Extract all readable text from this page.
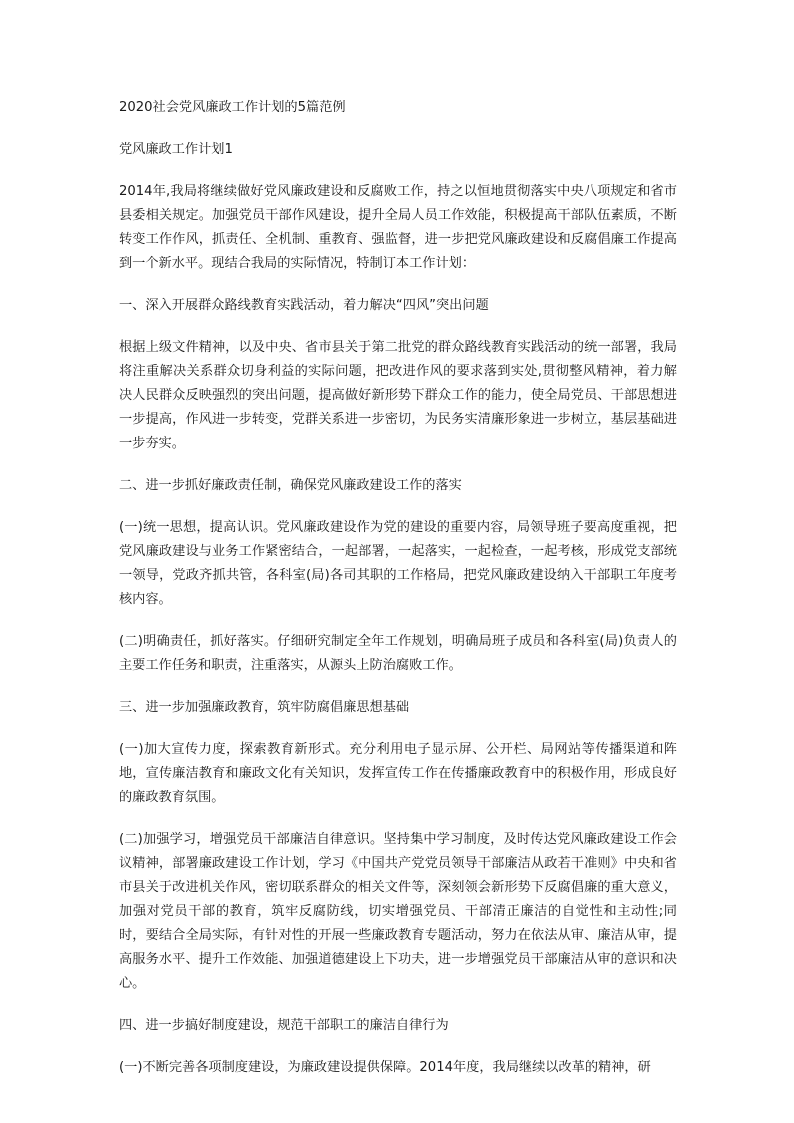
2020社会党风廉政工作计划的5篇范例
党风廉政工作计划1
2014年,我局将继续做好党风廉政建设和反腐败工作，持之以恒地贯彻落实中央八项规定和省市县委相关规定。加强党员干部作风建设，提升全局人员工作效能，积极提高干部队伍素质，不断转变工作作风，抓责任、全机制、重教育、强监督，进一步把党风廉政建设和反腐倡廉工作提高到一个新水平。现结合我局的实际情况，特制订本工作计划：
一、深入开展群众路线教育实践活动，着力解决“四风”突出问题
根据上级文件精神，以及中央、省市县关于第二批党的群众路线教育实践活动的统一部署，我局将注重解决关系群众切身利益的实际问题，把改进作风的要求落到实处,贯彻整风精神，着力解决人民群众反映强烈的突出问题，提高做好新形势下群众工作的能力，使全局党员、干部思想进一步提高，作风进一步转变，党群关系进一步密切，为民务实清廉形象进一步树立，基层基础进一步夯实。
二、进一步抓好廉政责任制，确保党风廉政建设工作的落实
(一)统一思想，提高认识。党风廉政建设作为党的建设的重要内容，局领导班子要高度重视，把党风廉政建设与业务工作紧密结合，一起部署，一起落实，一起检查，一起考核，形成党支部统一领导，党政齐抓共管，各科室(局)各司其职的工作格局，把党风廉政建设纳入干部职工年度考核内容。
(二)明确责任，抓好落实。仔细研究制定全年工作规划，明确局班子成员和各科室(局)负责人的主要工作任务和职责，注重落实，从源头上防治腐败工作。
三、进一步加强廉政教育，筑牢防腐倡廉思想基础
(一)加大宣传力度，探索教育新形式。充分利用电子显示屏、公开栏、局网站等传播渠道和阵地，宣传廉洁教育和廉政文化有关知识，发挥宣传工作在传播廉政教育中的积极作用，形成良好的廉政教育氛围。
(二)加强学习，增强党员干部廉洁自律意识。坚持集中学习制度，及时传达党风廉政建设工作会议精神，部署廉政建设工作计划，学习《中国共产党党员领导干部廉洁从政若干准则》中央和省市县关于改进机关作风，密切联系群众的相关文件等，深刻领会新形势下反腐倡廉的重大意义，加强对党员干部的教育，筑牢反腐防线，切实增强党员、干部清正廉洁的自觉性和主动性;同时，要结合全局实际，有针对性的开展一些廉政教育专题活动，努力在依法从审、廉洁从审，提高服务水平、提升工作效能、加强道德建设上下功夫，进一步增强党员干部廉洁从审的意识和决心。
四、进一步搞好制度建设，规范干部职工的廉洁自律行为
(一)不断完善各项制度建设，为廉政建设提供保障。2014年度，我局继续以改革的精神，研
